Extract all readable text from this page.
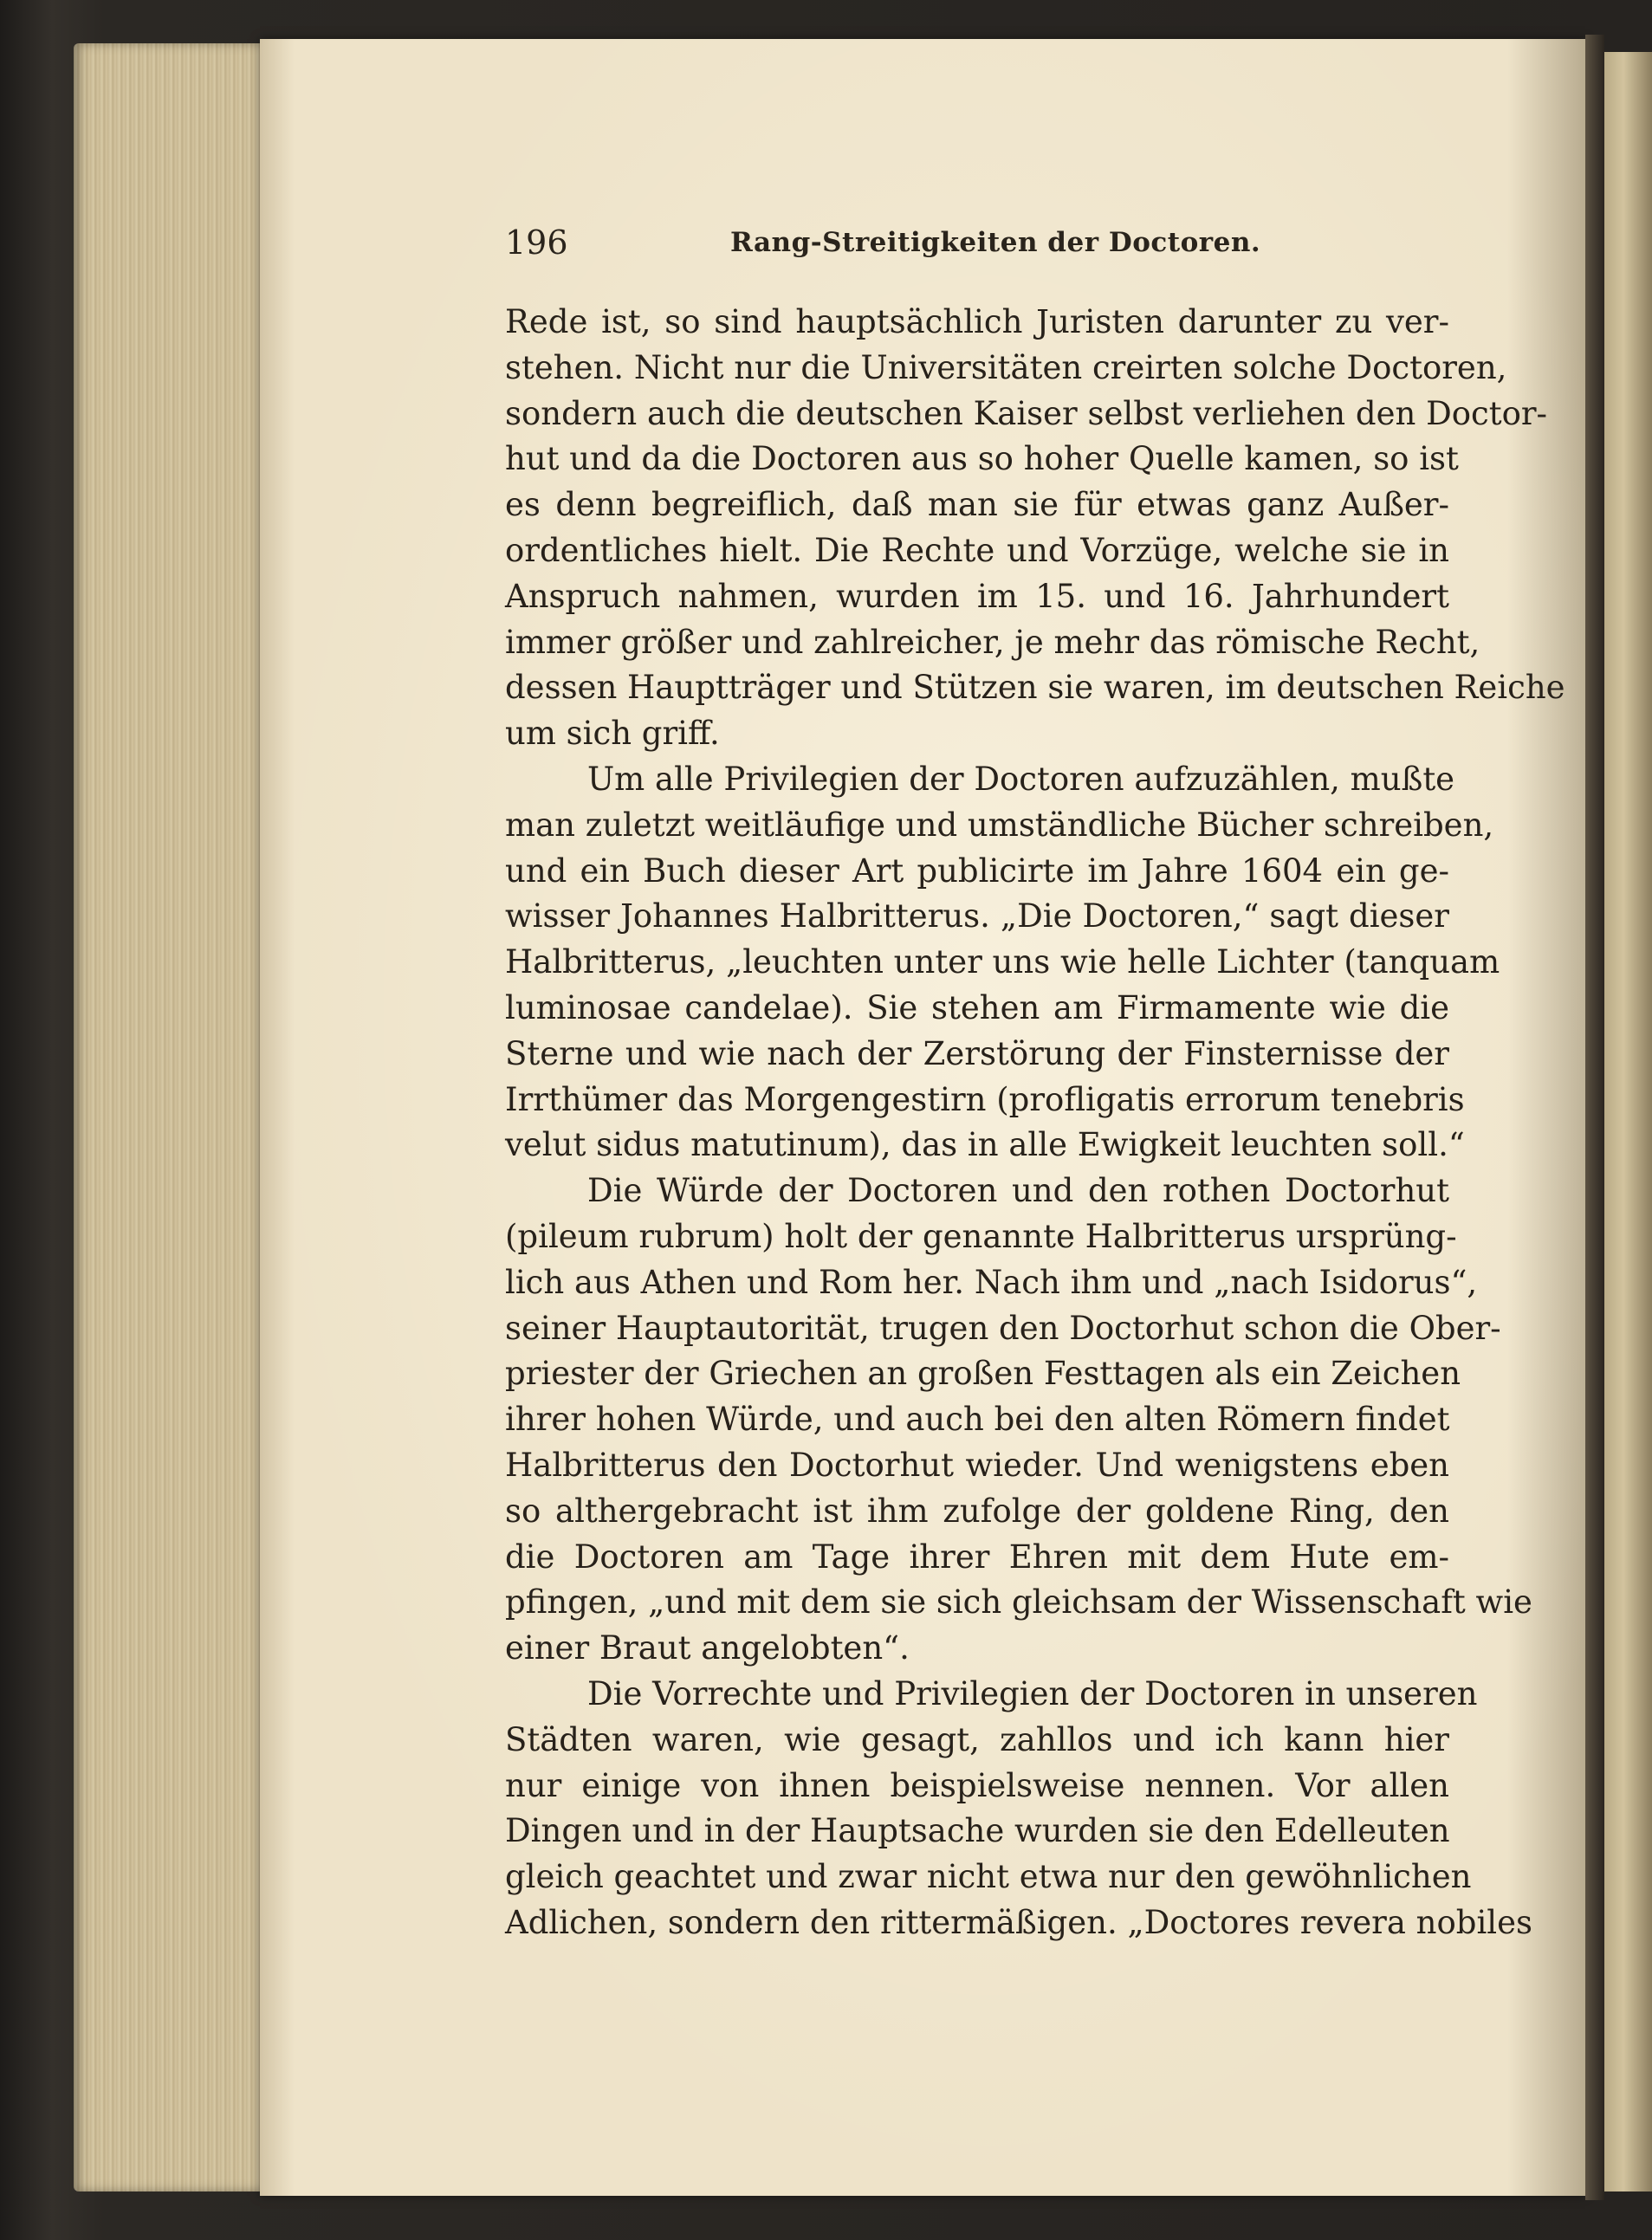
196	Rang-Streitigkeiten der Doctoren.
Rede ist, so sind hauptsächlich Juristen darunter zu ver-
stehen. Nicht nur die Universitäten creirten solche Doctoren,
sondern auch die deutschen Kaiser selbst verliehen den Doctor-
hut und da die Doctoren aus so hoher Quelle kamen, so ist
es denn begreiflich, daß man sie für etwas ganz Außer-
ordentliches hielt. Die Rechte und Vorzüge, welche sie in
Anspruch nahmen, wurden im 15. und 16. Jahrhundert
immer größer und zahlreicher, je mehr das römische Recht,
dessen Hauptträger und Stützen sie waren, im deutschen Reiche
um sich griff.
Um alle Privilegien der Doctoren aufzuzählen, mußte
man zuletzt weitläufige und umständliche Bücher schreiben,
und ein Buch dieser Art publicirte im Jahre 1604 ein ge-
wisser Johannes Halbritterus. „Die Doctoren,“ sagt dieser
Halbritterus, „leuchten unter uns wie helle Lichter (tanquam
luminosae candelae). Sie stehen am Firmamente wie die
Sterne und wie nach der Zerstörung der Finsternisse der
Irrthümer das Morgengestirn (profligatis errorum tenebris
velut sidus matutinum), das in alle Ewigkeit leuchten soll.“
Die Würde der Doctoren und den rothen Doctorhut
(pileum rubrum) holt der genannte Halbritterus ursprüng-
lich aus Athen und Rom her. Nach ihm und „nach Isidorus“,
seiner Hauptautorität, trugen den Doctorhut schon die Ober-
priester der Griechen an großen Festtagen als ein Zeichen
ihrer hohen Würde, und auch bei den alten Römern findet
Halbritterus den Doctorhut wieder. Und wenigstens eben
so althergebracht ist ihm zufolge der goldene Ring, den
die Doctoren am Tage ihrer Ehren mit dem Hute em-
pfingen, „und mit dem sie sich gleichsam der Wissenschaft wie
einer Braut angelobten“.
Die Vorrechte und Privilegien der Doctoren in unseren
Städten waren, wie gesagt, zahllos und ich kann hier
nur einige von ihnen beispielsweise nennen. Vor allen
Dingen und in der Hauptsache wurden sie den Edelleuten
gleich geachtet und zwar nicht etwa nur den gewöhnlichen
Adlichen, sondern den rittermäßigen. „Doctores revera nobiles
